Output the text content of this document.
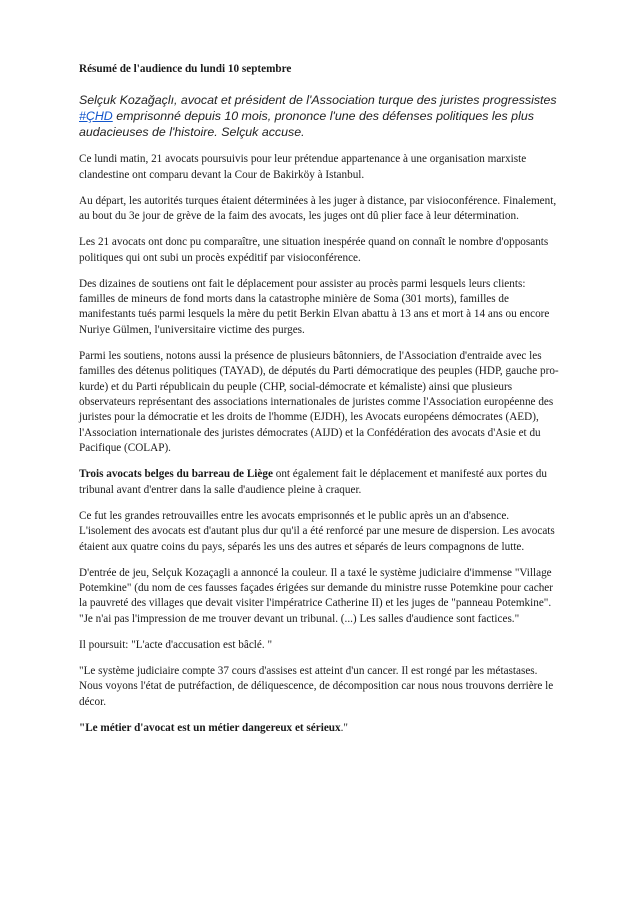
Résumé de l'audience du lundi 10 septembre

Selçuk Kozağaçlı, avocat et président de l'Association turque des juristes progressistes #ÇHD emprisonné depuis 10 mois, prononce l'une des défenses politiques les plus audacieuses de l'histoire. Selçuk accuse.

Ce lundi matin, 21 avocats poursuivis pour leur prétendue appartenance à une organisation marxiste clandestine ont comparu devant la Cour de Bakirköy à Istanbul.

Au départ, les autorités turques étaient déterminées à les juger à distance, par visioconférence. Finalement, au bout du 3e jour de grève de la faim des avocats, les juges ont dû plier face à leur détermination.

Les 21 avocats ont donc pu comparaître, une situation inespérée quand on connaît le nombre d'opposants politiques qui ont subi un procès expéditif par visioconférence.

Des dizaines de soutiens ont fait le déplacement pour assister au procès parmi lesquels leurs clients: familles de mineurs de fond morts dans la catastrophe minière de Soma (301 morts), familles de manifestants tués parmi lesquels la mère du petit Berkin Elvan abattu à 13 ans et mort à 14 ans ou encore Nuriye Gülmen, l'universitaire victime des purges.

Parmi les soutiens, notons aussi la présence de plusieurs bâtonniers, de l'Association d'entraide avec les familles des détenus politiques (TAYAD), de députés du Parti démocratique des peuples (HDP, gauche pro-kurde) et du Parti républicain du peuple (CHP, social-démocrate et kémaliste) ainsi que plusieurs observateurs représentant des associations internationales de juristes comme l'Association européenne des juristes pour la démocratie et les droits de l'homme (EJDH), les Avocats européens démocrates (AED), l'Association internationale des juristes démocrates (AIJD) et la Confédération des avocats d'Asie et du Pacifique (COLAP).

Trois avocats belges du barreau de Liège ont également fait le déplacement et manifesté aux portes du tribunal avant d'entrer dans la salle d'audience pleine à craquer.

Ce fut les grandes retrouvailles entre les avocats emprisonnés et le public après un an d'absence. L'isolement des avocats est d'autant plus dur qu'il a été renforcé par une mesure de dispersion. Les avocats étaient aux quatre coins du pays, séparés les uns des autres et séparés de leurs compagnons de lutte.

D'entrée de jeu, Selçuk Kozaçagli a annoncé la couleur. Il a taxé le système judiciaire d'immense "Village Potemkine" (du nom de ces fausses façades érigées sur demande du ministre russe Potemkine pour cacher la pauvreté des villages que devait visiter l'impératrice Catherine II) et les juges de "panneau Potemkine". "Je n'ai pas l'impression de me trouver devant un tribunal. (...) Les salles d'audience sont factices."

Il poursuit: "L'acte d'accusation est bâclé. "

"Le système judiciaire compte 37 cours d'assises est atteint d'un cancer. Il est rongé par les métastases. Nous voyons l'état de putréfaction, de déliquescence, de décomposition car nous nous trouvons derrière le décor.

"Le métier d'avocat est un métier dangereux et sérieux."
